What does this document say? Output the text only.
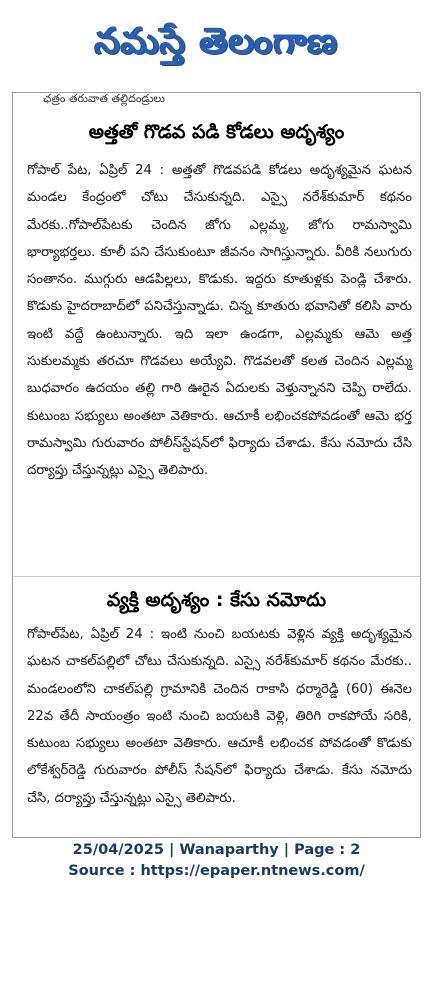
నమస్తే తెలంగాణ
ఛత్రం తరువాత తల్లిదండ్రులు
అత్తతో గొడవ పడి కోడలు అదృశ్యం
గోపాల్ పేట, ఏప్రిల్ 24 : అత్తతో గొడవపడి కోడలు అదృశ్యమైన ఘటన మండల కేంద్రంలో చోటు చేసుకున్నది. ఎస్సై నరేశ్‌కుమార్ కథనం మేరకు..గోపాల్‌పేటకు చెందిన జోగు ఎల్లమ్మ, జోగు రామస్వామి భార్యాభర్తలు. కూలీ పని చేసుకుంటూ జీవనం సాగిస్తున్నారు. వీరికి నలుగురు సంతానం. ముగ్గురు ఆడపిల్లలు, కొడుకు. ఇద్దరు కూతుళ్లకు పెండ్లి చేశారు. కొడుకు హైదరాబాద్‌లో పనిచేస్తున్నాడు. చిన్న కూతురు భవానితో కలిసి వారు ఇంటి వద్దే ఉంటున్నారు. ఇది ఇలా ఉండగా, ఎల్లమ్మకు ఆమె అత్త సుకులమ్మకు తరచూ గొడవలు అయ్యేవి. గొడవలతో కలత చెందిన ఎల్లమ్మ బుధవారం ఉదయం తల్లి గారి ఊరైన ఏదులకు వెళ్తున్నానని చెప్పి రాలేదు. కుటుంబ సభ్యులు అంతటా వెతికారు. ఆచూకీ లభించకపోవడంతో ఆమె భర్త రామస్వామి గురువారం పోలీస్‌స్టేషన్‌లో ఫిర్యాదు చేశాడు. కేసు నమోదు చేసి దర్యాప్తు చేస్తున్నట్లు ఎస్సై తెలిపారు.
వ్యక్తి అదృశ్యం : కేసు నమోదు
గోపాల్‌పేట, ఏప్రిల్ 24 : ఇంటి నుంచి బయటకు వెళ్లిన వ్యక్తి అదృశ్యమైన ఘటన చాకల్‌పల్లిలో చోటు చేసుకున్నది. ఎస్సై నరేశ్‌కుమార్ కథనం మేరకు.. మండలంలోని చాకల్‌పల్లి గ్రామానికి చెందిన రాకాసి ధర్మారెడ్డి (60) ఈనెల 22వ తేదీ సాయంత్రం ఇంటి నుంచి బయటకి వెళ్లి, తిరిగి రాకపోయే సరికి, కుటుంబ సభ్యులు అంతటా వెతికారు. ఆచూకీ లభించక పోవడంతో కొడుకు లోకేశ్వర్‌రెడ్డి గురువారం పోలీస్ సేషన్‌లో ఫిర్యాదు చేశాడు. కేసు నమోదు చేసి, దర్యాప్తు చేస్తున్నట్లు ఎస్సై తెలిపారు.
25/04/2025 | Wanaparthy | Page : 2
Source : https://epaper.ntnews.com/
